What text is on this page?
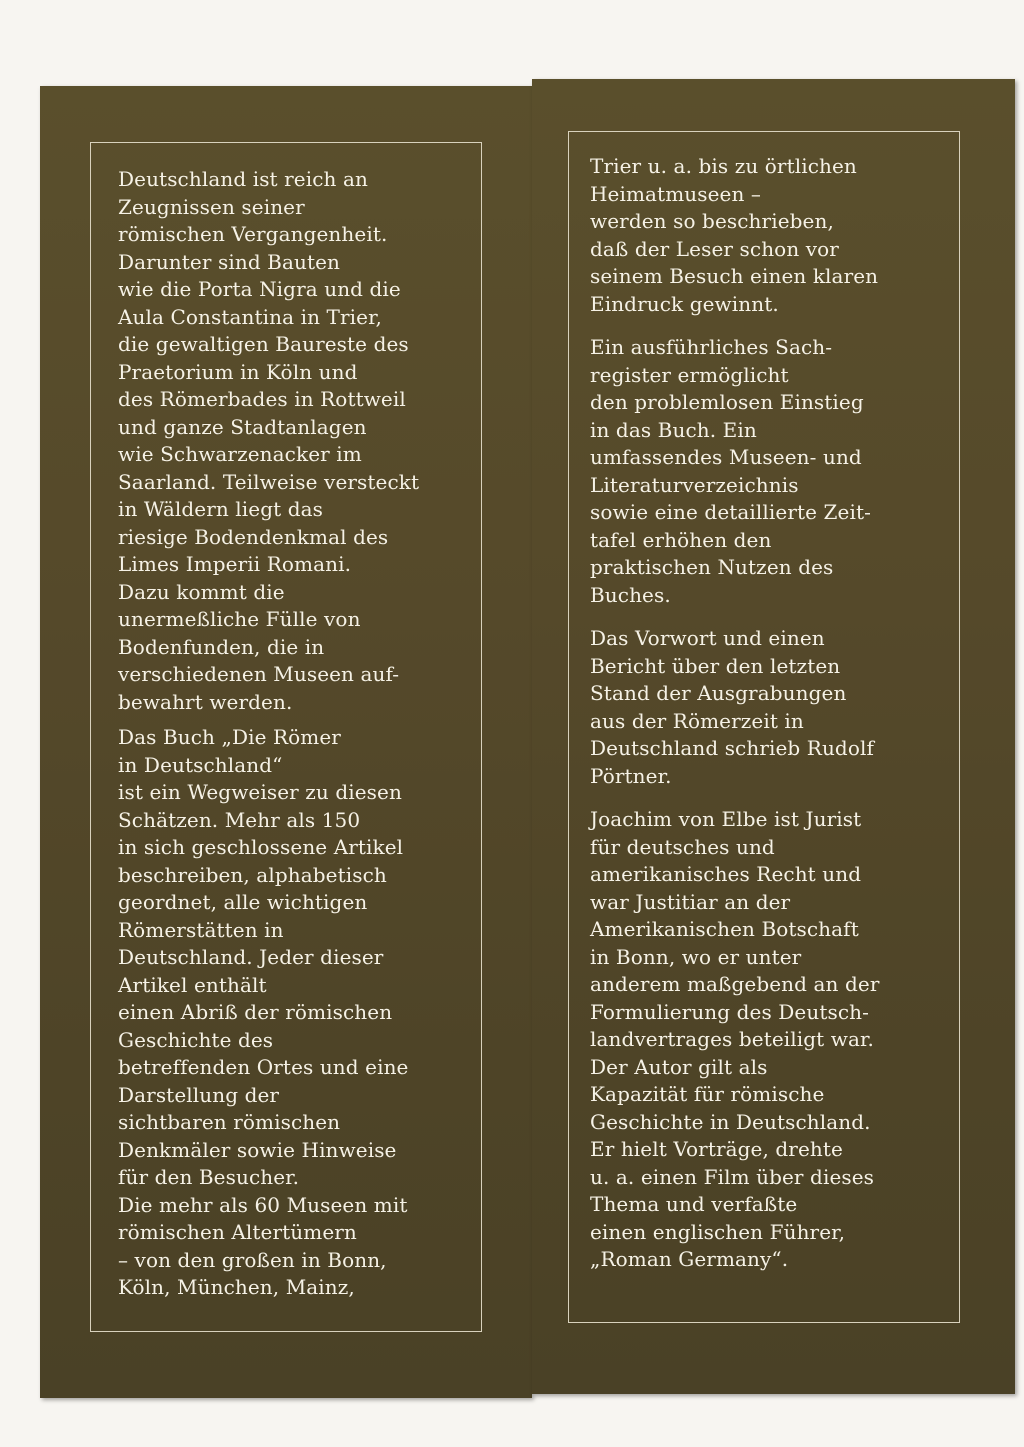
Deutschland ist reich an
Zeugnissen seiner
römischen Vergangenheit.
Darunter sind Bauten
wie die Porta Nigra und die
Aula Constantina in Trier,
die gewaltigen Baureste des
Praetorium in Köln und
des Römerbades in Rottweil
und ganze Stadtanlagen
wie Schwarzenacker im
Saarland. Teilweise versteckt
in Wäldern liegt das
riesige Bodendenkmal des
Limes Imperii Romani.
Dazu kommt die
unermeßliche Fülle von
Bodenfunden, die in
verschiedenen Museen auf-
bewahrt werden.

Das Buch „Die Römer
in Deutschland“
ist ein Wegweiser zu diesen
Schätzen. Mehr als 150
in sich geschlossene Artikel
beschreiben, alphabetisch
geordnet, alle wichtigen
Römerstätten in
Deutschland. Jeder dieser
Artikel enthält
einen Abriß der römischen
Geschichte des
betreffenden Ortes und eine
Darstellung der
sichtbaren römischen
Denkmäler sowie Hinweise
für den Besucher.
Die mehr als 60 Museen mit
römischen Altertümern
– von den großen in Bonn,
Köln, München, Mainz,

Trier u. a. bis zu örtlichen
Heimatmuseen –
werden so beschrieben,
daß der Leser schon vor
seinem Besuch einen klaren
Eindruck gewinnt.

Ein ausführliches Sach-
register ermöglicht
den problemlosen Einstieg
in das Buch. Ein
umfassendes Museen- und
Literaturverzeichnis
sowie eine detaillierte Zeit-
tafel erhöhen den
praktischen Nutzen des
Buches.

Das Vorwort und einen
Bericht über den letzten
Stand der Ausgrabungen
aus der Römerzeit in
Deutschland schrieb Rudolf
Pörtner.

Joachim von Elbe ist Jurist
für deutsches und
amerikanisches Recht und
war Justitiar an der
Amerikanischen Botschaft
in Bonn, wo er unter
anderem maßgebend an der
Formulierung des Deutsch-
landvertrages beteiligt war.
Der Autor gilt als
Kapazität für römische
Geschichte in Deutschland.
Er hielt Vorträge, drehte
u. a. einen Film über dieses
Thema und verfaßte
einen englischen Führer,
„Roman Germany“.
